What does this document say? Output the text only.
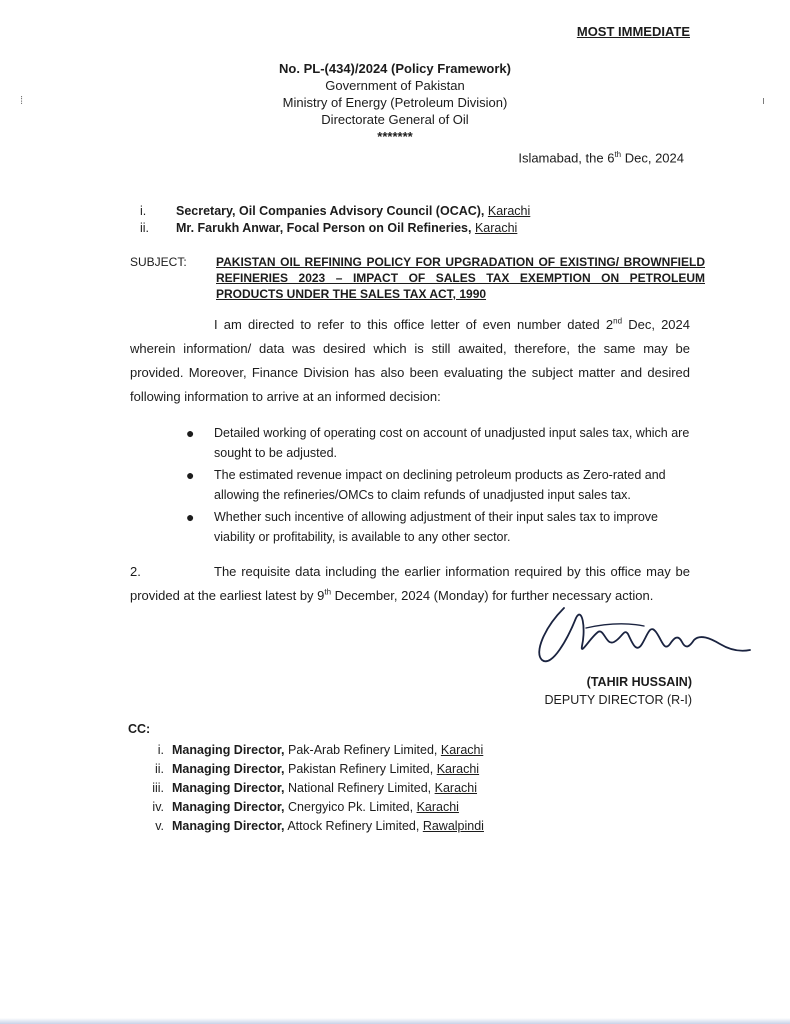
MOST IMMEDIATE
No. PL-(434)/2024 (Policy Framework)
Government of Pakistan
Ministry of Energy (Petroleum Division)
Directorate General of Oil
*******
Islamabad, the 6th Dec, 2024
i.	Secretary, Oil Companies Advisory Council (OCAC), Karachi
ii.	Mr. Farukh Anwar, Focal Person on Oil Refineries, Karachi
SUBJECT:	PAKISTAN OIL REFINING POLICY FOR UPGRADATION OF EXISTING/ BROWNFIELD REFINERIES 2023 – IMPACT OF SALES TAX EXEMPTION ON PETROLEUM PRODUCTS UNDER THE SALES TAX ACT, 1990
I am directed to refer to this office letter of even number dated 2nd Dec, 2024 wherein information/ data was desired which is still awaited, therefore, the same may be provided. Moreover, Finance Division has also been evaluating the subject matter and desired following information to arrive at an informed decision:
●	Detailed working of operating cost on account of unadjusted input sales tax, which are sought to be adjusted.
●	The estimated revenue impact on declining petroleum products as Zero-rated and allowing the refineries/OMCs to claim refunds of unadjusted input sales tax.
●	Whether such incentive of allowing adjustment of their input sales tax to improve viability or profitability, is available to any other sector.
2.	The requisite data including the earlier information required by this office may be provided at the earliest latest by 9th December, 2024 (Monday) for further necessary action.
(TAHIR HUSSAIN)
DEPUTY DIRECTOR (R-I)
CC:
i. Managing Director, Pak-Arab Refinery Limited, Karachi
ii. Managing Director, Pakistan Refinery Limited, Karachi
iii. Managing Director, National Refinery Limited, Karachi
iv. Managing Director, Cnergyico Pk. Limited, Karachi
v. Managing Director, Attock Refinery Limited, Rawalpindi
⁞	ı
